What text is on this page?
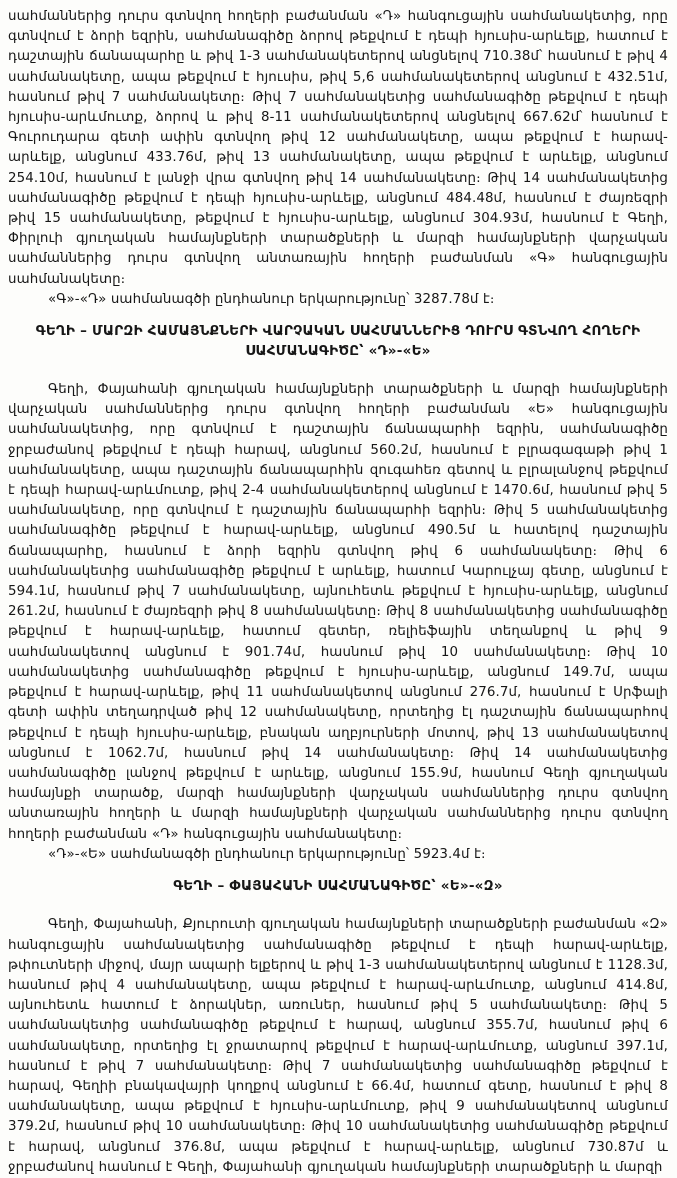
սահմաններից դուրս գտնվող հողերի բաժանման «Դ» հանգուցային սահմանակետից, որը գտնվում է ձորի եզրին, սահմանագիծը ձորով թեքվում է դեպի հյուսիս-արևելք, հատում է դաշտային ճանապարհը և թիվ 1-3 սահմանակետերով անցնելով 710.38մ՝ հասնում է թիվ 4 սահմանակետը, ապա թեքվում է հյուսիս, թիվ 5,6 սահմանակետերով անցնում է 432.51մ, հասնում թիվ 7 սահմանակետը։ Թիվ 7 սահմանակետից սահմանագիծը թեքվում է դեպի հյուսիս-արևմուտք, ձորով և թիվ 8-11 սահմանակետերով անցնելով 667.62մ՝ հասնում է Գուրուդարա գետի ափին գտնվող թիվ 12 սահմանակետը, ապա թեքվում է հարավ-արևելք, անցնում 433.76մ, թիվ 13 սահմանակետը, ապա թեքվում է արևելք, անցնում 254.10մ, հասնում է լանջի վրա գտնվող թիվ 14 սահմանակետը։ Թիվ 14 սահմանակետից սահմանագիծը թեքվում է դեպի հյուսիս-արևելք, անցնում 484.48մ, հասնում է ժայռեզրի թիվ 15 սահմանակետը, թեքվում է հյուսիս-արևելք, անցնում 304.93մ, հասնում է Գեղի, Փիրլուի գյուղական համայնքների տարածքների և մարզի համայնքների վարչական սահմաններից դուրս գտնվող անտառային հողերի բաժանման «Գ» հանգուցային սահմանակետը։

«Գ»-«Դ» սահմանագծի ընդհանուր երկարությունը՝ 3287.78մ է։

ԳԵՂԻ – ՄԱՐԶԻ ՀԱՄԱՅՆՔՆԵՐԻ ՎԱՐՉԱԿԱՆ ՍԱՀՄԱՆՆԵՐԻՑ ԴՈՒՐՍ ԳՏՆՎՈՂ ՀՈՂԵՐԻ
ՍԱՀՄԱՆԱԳԻԾԸ՝ «Դ»-«Ե»

Գեղի, Փայահանի գյուղական համայնքների տարածքների և մարզի համայնքների վարչական սահմաններից դուրս գտնվող հողերի բաժանման «Ե» հանգուցային սահմանակետից, որը գտնվում է դաշտային ճանապարհի եզրին, սահմանագիծը ջրբաժանով թեքվում է դեպի հարավ, անցնում 560.2մ, հասնում է բլրագագաթի թիվ 1 սահմանակետը, ապա դաշտային ճանապարհին զուգահեռ գետով և բլրալանջով թեքվում է դեպի հարավ-արևմուտք, թիվ 2-4 սահմանակետերով անցնում է 1470.6մ, հասնում թիվ 5 սահմանակետը, որը գտնվում է դաշտային ճանապարհի եզրին։ Թիվ 5 սահմանակետից սահմանագիծը թեքվում է հարավ-արևելք, անցնում 490.5մ և հատելով դաշտային ճանապարհը, հասնում է ձորի եզրին գտնվող թիվ 6 սահմանակետը։ Թիվ 6 սահմանակետից սահմանագիծը թեքվում է արևելք, հատում Կարուլչայ գետը, անցնում է 594.1մ, հասնում թիվ 7 սահմանակետը, այնուհետև թեքվում է հյուսիս-արևելք, անցնում 261.2մ, հասնում է ժայռեզրի թիվ 8 սահմանակետը։ Թիվ 8 սահմանակետից սահմանագիծը թեքվում է հարավ-արևելք, հատում գետեր, ռելիեֆային տեղանքով և թիվ 9 սահմանակետով անցնում է 901.74մ, հասնում թիվ 10 սահմանակետը։ Թիվ 10 սահմանակետից սահմանագիծը թեքվում է հյուսիս-արևելք, անցնում 149.7մ, ապա թեքվում է հարավ-արևելք, թիվ 11 սահմանակետով անցնում 276.7մ, հասնում է Սրֆալի գետի ափին տեղադրված թիվ 12 սահմանակետը, որտեղից էլ դաշտային ճանապարհով թեքվում է դեպի հյուսիս-արևելք, բնական աղբյուրների մոտով, թիվ 13 սահմանակետով անցնում է 1062.7մ, հասնում թիվ 14 սահմանակետը։ Թիվ 14 սահմանակետից սահմանագիծը լանջով թեքվում է արևելք, անցնում 155.9մ, հասնում Գեղի գյուղական համայնքի տարածք, մարզի համայնքների վարչական սահմաններից դուրս գտնվող անտառային հողերի և մարզի համայնքների վարչական սահմաններից դուրս գտնվող հողերի բաժանման «Դ» հանգուցային սահմանակետը։

«Դ»-«Ե» սահմանագծի ընդհանուր երկարությունը՝ 5923.4մ է։

ԳԵՂԻ – ՓԱՅԱՀԱՆԻ ՍԱՀՄԱՆԱԳԻԾԸ՝ «Ե»-«Զ»

Գեղի, Փայահանի, Քյուրուտի գյուղական համայնքների տարածքների բաժանման «Զ» հանգուցային սահմանակետից սահմանագիծը թեքվում է դեպի հարավ-արևելք, թփուտների միջով, մայր ապարի ելքերով և թիվ 1-3 սահմանակետերով անցնում է 1128.3մ, հասնում թիվ 4 սահմանակետը, ապա թեքվում է հարավ-արևմուտք, անցնում 414.8մ, այնուհետև հատում է ձորակներ, առուներ, հասնում թիվ 5 սահմանակետը։ Թիվ 5 սահմանակետից սահմանագիծը թեքվում է հարավ, անցնում 355.7մ, հասնում թիվ 6 սահմանակետը, որտեղից էլ ջրատարով թեքվում է հարավ-արևմուտք, անցնում 397.1մ, հասնում է թիվ 7 սահմանակետը։ Թիվ 7 սահմանակետից սահմանագիծը թեքվում է հարավ, Գեղիի բնակավայրի կողքով անցնում է 66.4մ, հատում գետը, հասնում է թիվ 8 սահմանակետը, ապա թեքվում է հյուսիս-արևմուտք, թիվ 9 սահմանակետով անցնում 379.2մ, հասնում թիվ 10 սահմանակետը։ Թիվ 10 սահմանակետից սահմանագիծը թեքվում է հարավ, անցնում 376.8մ, ապա թեքվում է հարավ-արևելք, անցնում 730.87մ և ջրբաժանով հասնում է Գեղի, Փայահանի գյուղական համայնքների տարածքների և մարզի
